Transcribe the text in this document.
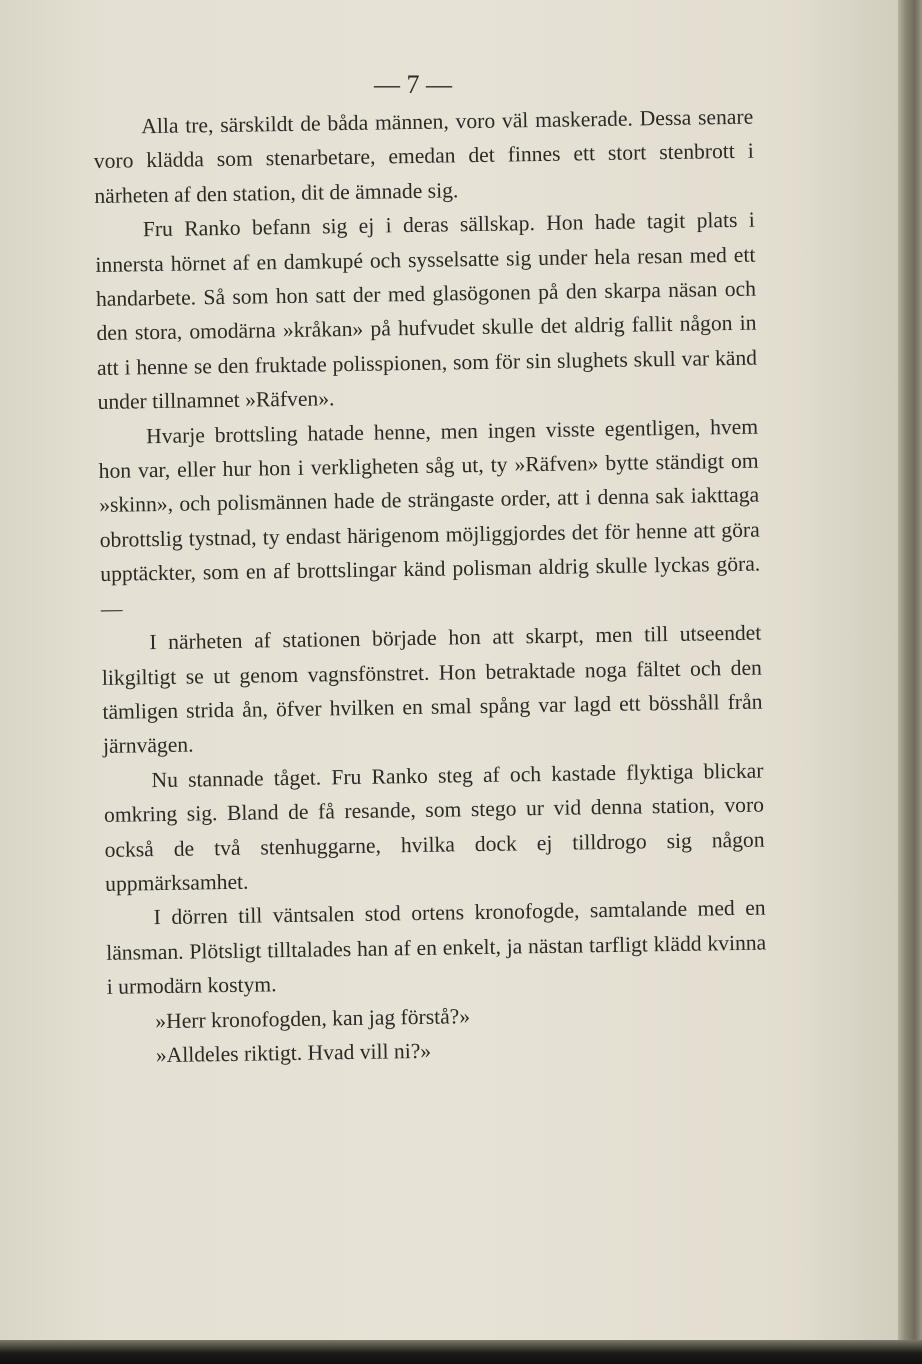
— 7 —

Alla tre, särskildt de båda männen, voro väl maskerade. Dessa senare voro klädda som stenarbetare, emedan det finnes ett stort stenbrott i närheten af den station, dit de ämnade sig.

Fru Ranko befann sig ej i deras sällskap. Hon hade tagit plats i innersta hörnet af en damkupé och sysselsatte sig under hela resan med ett handarbete. Så som hon satt der med glasögonen på den skarpa näsan och den stora, omodärna »kråkan» på hufvudet skulle det aldrig fallit någon in att i henne se den fruktade polisspionen, som för sin slughets skull var känd under tillnamnet »Räfven».

Hvarje brottsling hatade henne, men ingen visste egentligen, hvem hon var, eller hur hon i verkligheten såg ut, ty »Räfven» bytte ständigt om »skinn», och polismännen hade de strängaste order, att i denna sak iakttaga obrottslig tystnad, ty endast härigenom möjliggjordes det för henne att göra upptäckter, som en af brottslingar känd polisman aldrig skulle lyckas göra. —

I närheten af stationen började hon att skarpt, men till utseendet likgiltigt se ut genom vagnsfönstret. Hon betraktade noga fältet och den tämligen strida ån, öfver hvilken en smal spång var lagd ett bösshåll från järnvägen.

Nu stannade tåget. Fru Ranko steg af och kastade flyktiga blickar omkring sig. Bland de få resande, som stego ur vid denna station, voro också de två stenhuggarne, hvilka dock ej tilldrogo sig någon uppmärksamhet.

I dörren till väntsalen stod ortens kronofogde, samtalande med en länsman. Plötsligt tilltalades han af en enkelt, ja nästan tarfligt klädd kvinna i urmodärn kostym.

»Herr kronofogden, kan jag förstå?»

»Alldeles riktigt. Hvad vill ni?»
